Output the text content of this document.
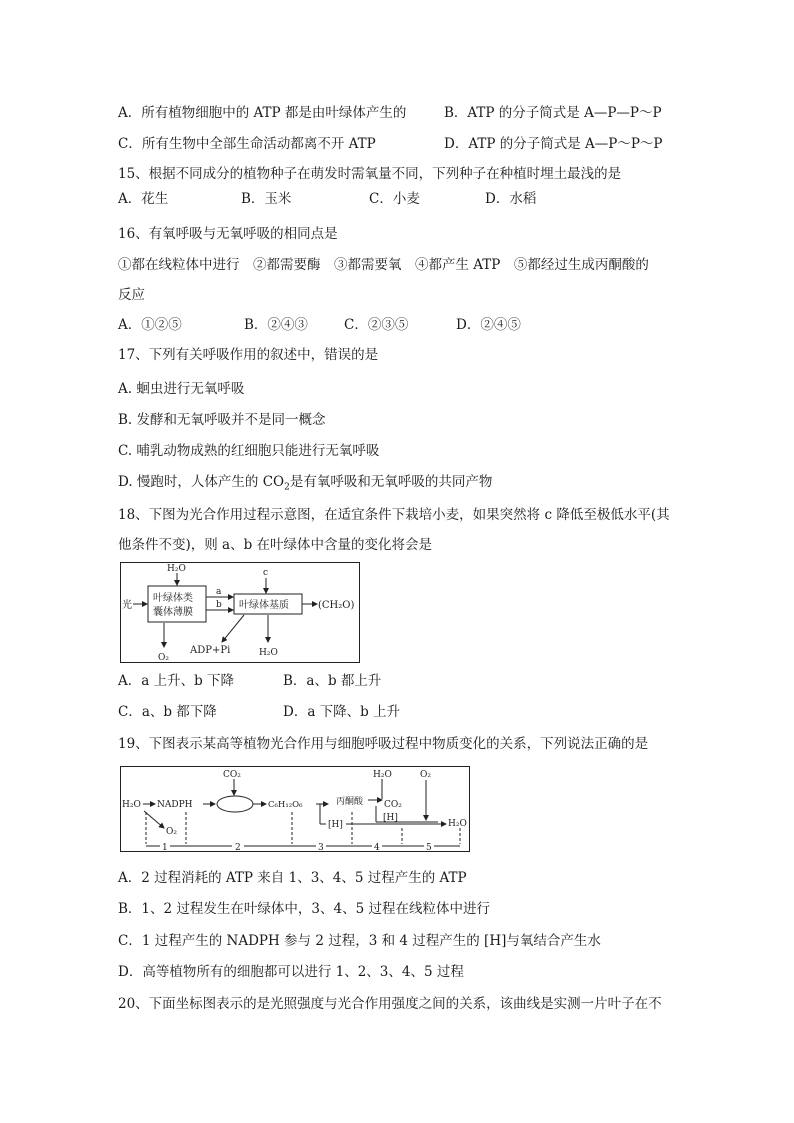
A．所有植物细胞中的 ATP 都是由叶绿体产生的	B．ATP 的分子简式是 A—P—P～P
C．所有生物中全部生命活动都离不开 ATP	D．ATP 的分子简式是 A—P～P～P
15、根据不同成分的植物种子在萌发时需氧量不同，下列种子在种植时埋土最浅的是
A．花生	B．玉米	C．小麦	D．水稻
16、有氧呼吸与无氧呼吸的相同点是
①都在线粒体中进行　②都需要酶　③都需要氧　④都产生 ATP　⑤都经过生成丙酮酸的
反应
A．①②⑤	B．②④③	C．②③⑤	D．②④⑤
17、下列有关呼吸作用的叙述中，错误的是
A. 蛔虫进行无氧呼吸
B. 发酵和无氧呼吸并不是同一概念
C. 哺乳动物成熟的红细胞只能进行无氧呼吸
D. 慢跑时，人体产生的 $CO_2$是有氧呼吸和无氧呼吸的共同产物
18、下图为光合作用过程示意图，在适宜条件下栽培小麦，如果突然将 c 降低至极低水平(其
他条件不变)，则 a、b 在叶绿体中含量的变化将会是
光
H₂O
叶绿体类
囊体薄膜
a
b 叶绿体基质
c
(CH₂O)
ADP+Pi
O₂	H₂O
A．a 上升、b 下降	B．a、b 都上升
C．a、b 都下降	D．a 下降、b 上升
19、下图表示某高等植物光合作用与细胞呼吸过程中物质变化的关系，下列说法正确的是
H₂O NADPH
CO₂
C₆H₁₂O₆	丙酮酸
H₂O
CO₂
O₂
[H]
[H]	H₂O
O₂
1	2	3	4	5
A．2 过程消耗的 ATP 来自 1、3、4、5 过程产生的 ATP
B．1、2 过程发生在叶绿体中，3、4、5 过程在线粒体中进行
C．1 过程产生的 NADPH 参与 2 过程，3 和 4 过程产生的 [H]与氧结合产生水
D．高等植物所有的细胞都可以进行 1、2、3、4、5 过程
20、下面坐标图表示的是光照强度与光合作用强度之间的关系，该曲线是实测一片叶子在不
